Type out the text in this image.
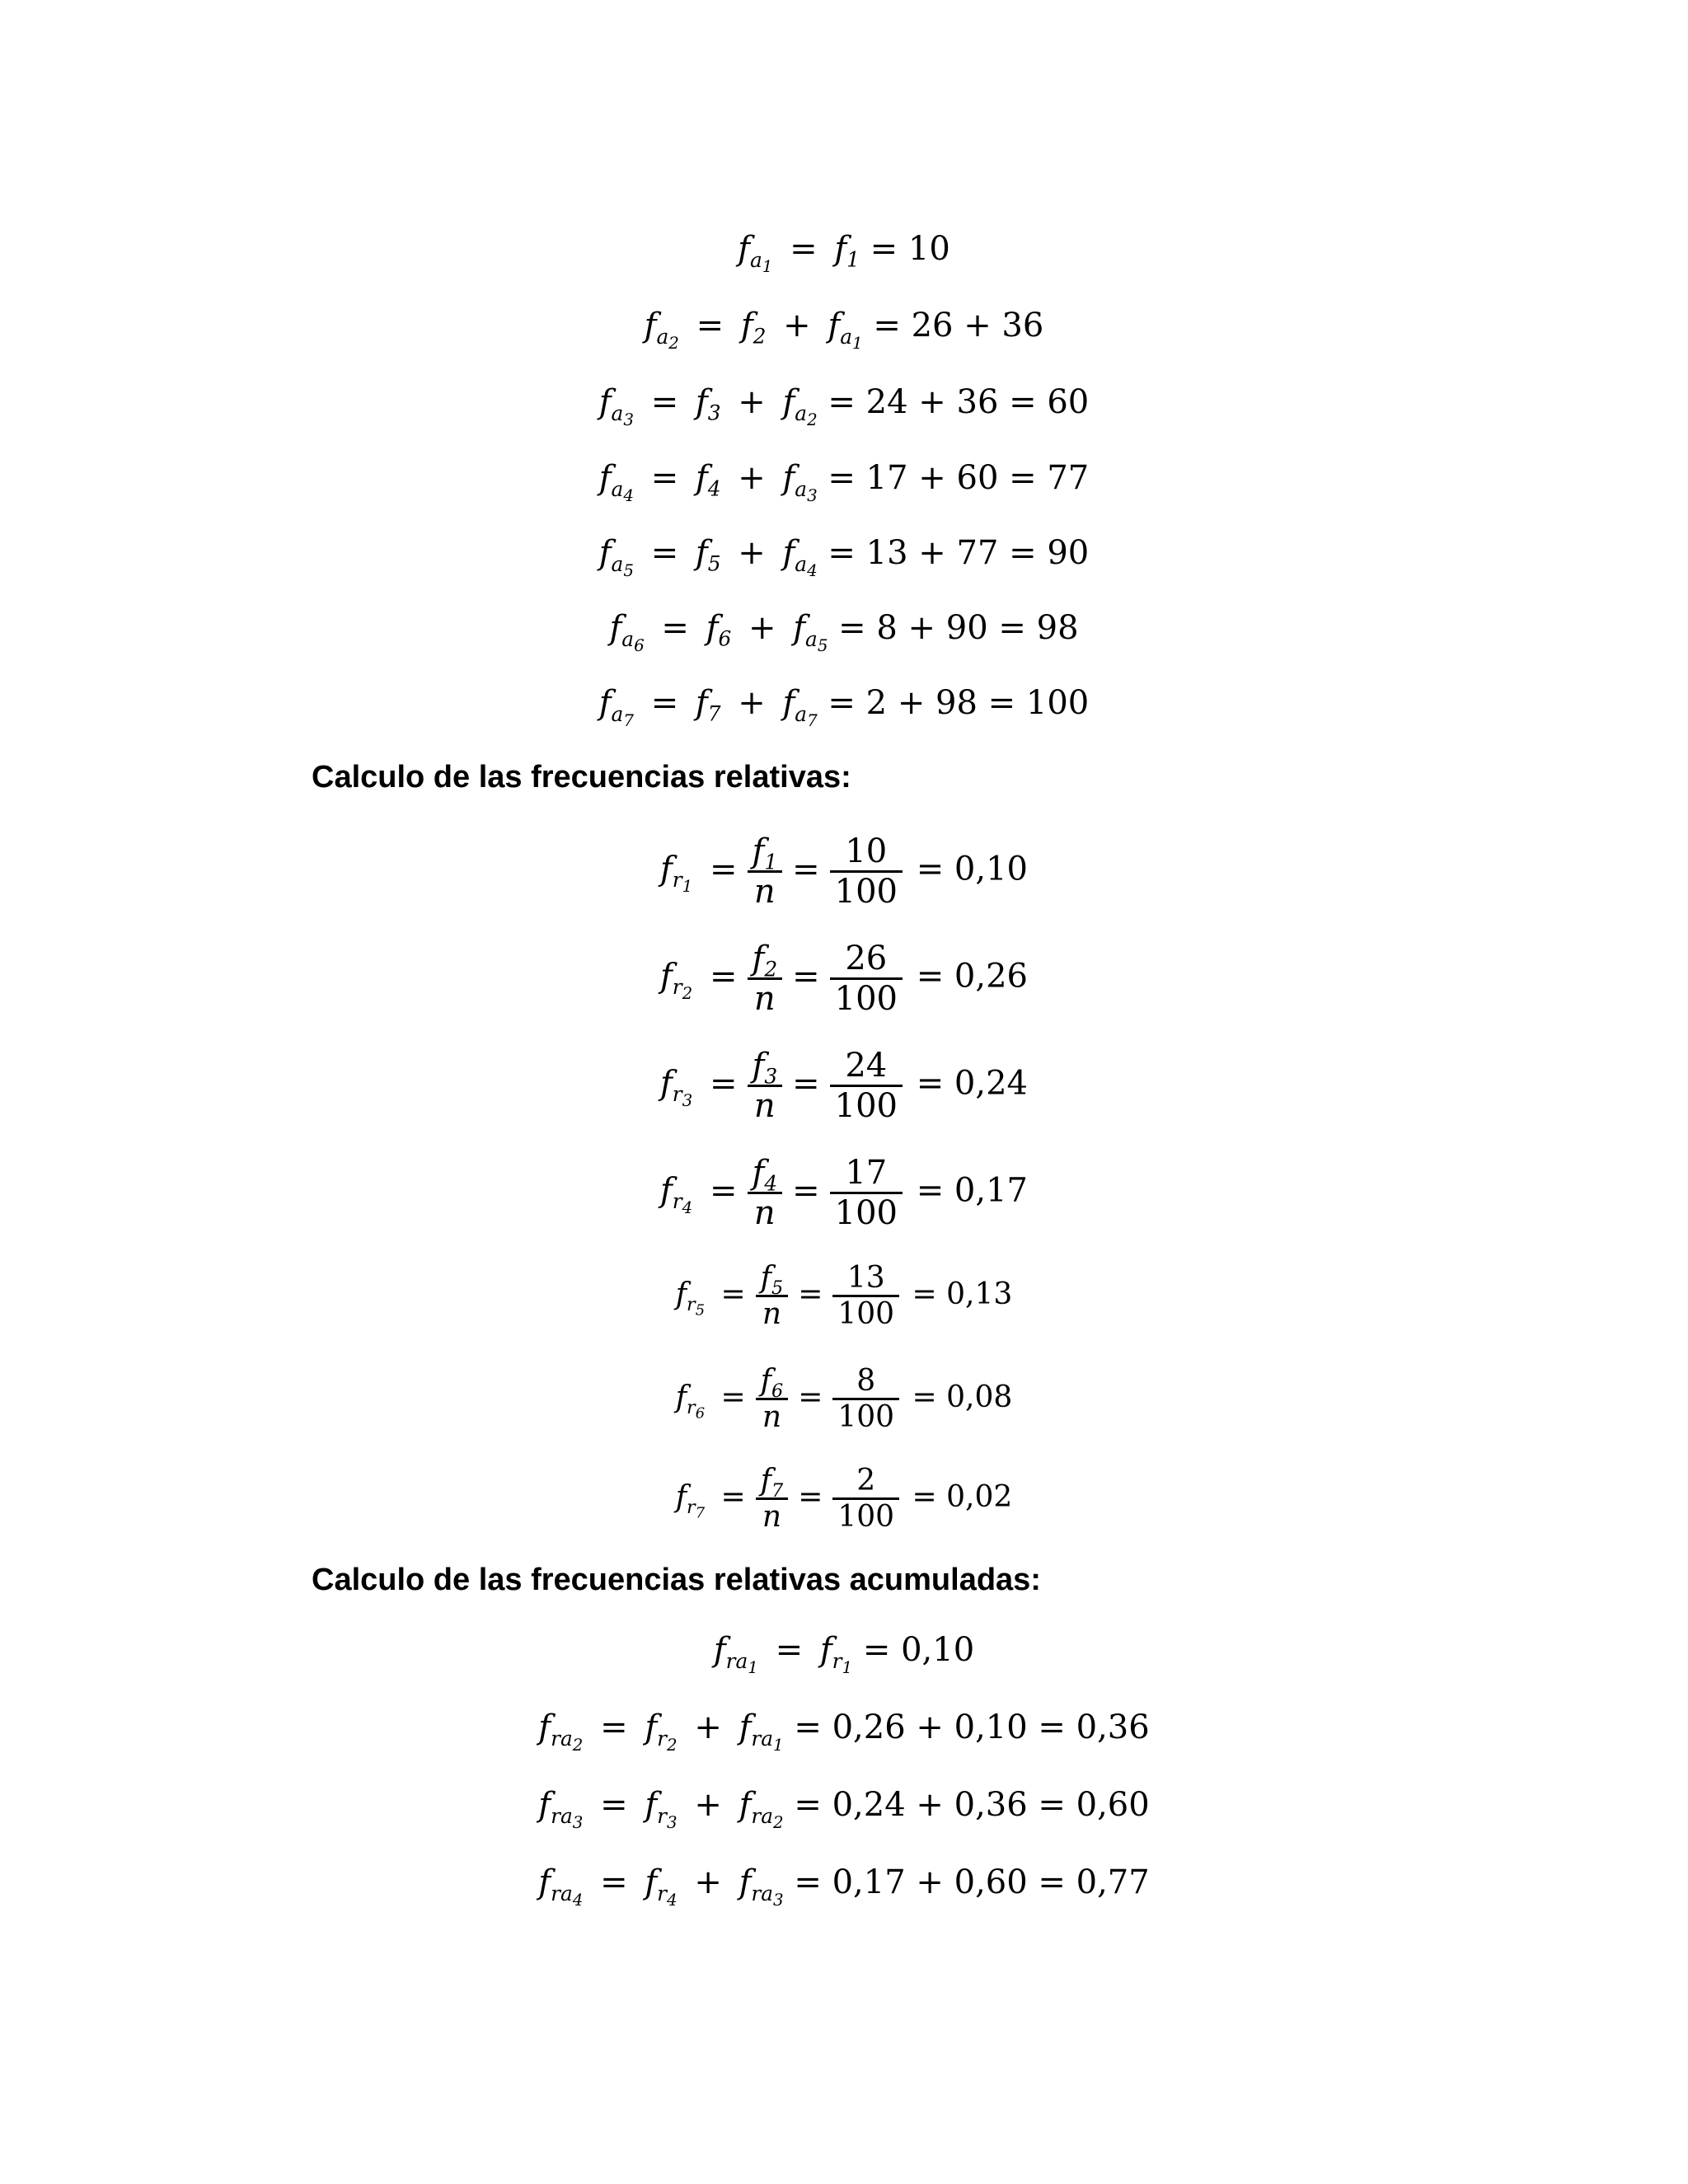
$f_{a_1} = f_1 = 10$
$f_{a_2} = f_2 + f_{a_1} = 26 + 36$
$f_{a_3} = f_3 + f_{a_2} = 24 + 36 = 60$
$f_{a_4} = f_4 + f_{a_3} = 17 + 60 = 77$
$f_{a_5} = f_5 + f_{a_4} = 13 + 77 = 90$
$f_{a_6} = f_6 + f_{a_5} = 8 + 90 = 98$
$f_{a_7} = f_7 + f_{a_7} = 2 + 98 = 100$
Calculo de las frecuencias relativas:
$f_{r_1} = \frac{f_1}{n} = \frac{10}{100} = 0,10$
$f_{r_2} = \frac{f_2}{n} = \frac{26}{100} = 0,26$
$f_{r_3} = \frac{f_3}{n} = \frac{24}{100} = 0,24$
$f_{r_4} = \frac{f_4}{n} = \frac{17}{100} = 0,17$
$f_{r_5} = \frac{f_5}{n} = \frac{13}{100} = 0,13$
$f_{r_6} = \frac{f_6}{n} = \frac{8}{100} = 0,08$
$f_{r_7} = \frac{f_7}{n} = \frac{2}{100} = 0,02$
Calculo de las frecuencias relativas acumuladas:
$f_{ra_1} = f_{r_1} = 0,10$
$f_{ra_2} = f_{r_2} + f_{ra_1} = 0,26 + 0,10 = 0,36$
$f_{ra_3} = f_{r_3} + f_{ra_2} = 0,24 + 0,36 = 0,60$
$f_{ra_4} = f_{r_4} + f_{ra_3} = 0,17 + 0,60 = 0,77$
